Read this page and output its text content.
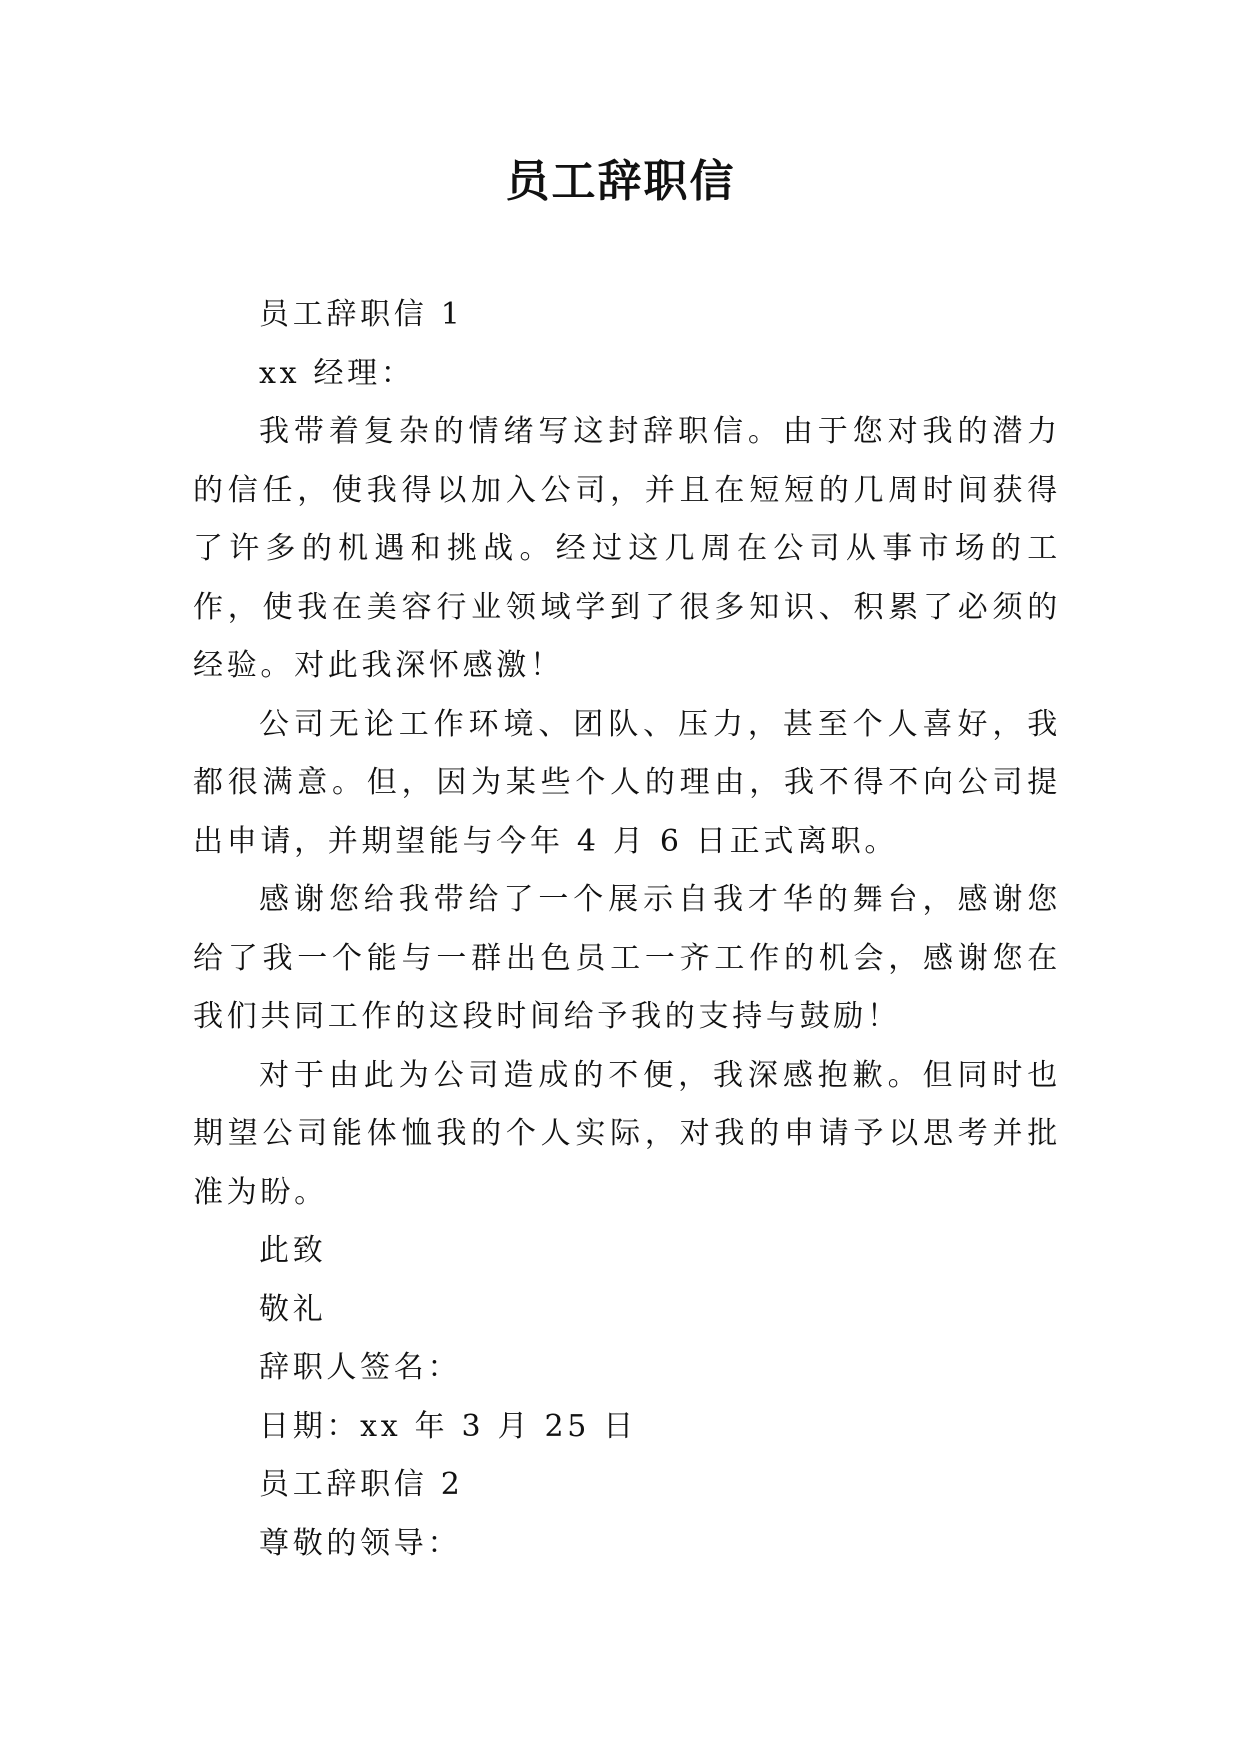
员工辞职信

员工辞职信 1

xx 经理：

我带着复杂的情绪写这封辞职信。由于您对我的潜力的信任，使我得以加入公司，并且在短短的几周时间获得了许多的机遇和挑战。经过这几周在公司从事市场的工作，使我在美容行业领域学到了很多知识、积累了必须的经验。对此我深怀感激！

公司无论工作环境、团队、压力，甚至个人喜好，我都很满意。但，因为某些个人的理由，我不得不向公司提出申请，并期望能与今年 4 月 6 日正式离职。

感谢您给我带给了一个展示自我才华的舞台，感谢您给了我一个能与一群出色员工一齐工作的机会，感谢您在我们共同工作的这段时间给予我的支持与鼓励！

对于由此为公司造成的不便，我深感抱歉。但同时也期望公司能体恤我的个人实际，对我的申请予以思考并批准为盼。

此致

敬礼

辞职人签名：

日期：xx 年 3 月 25 日

员工辞职信 2

尊敬的领导：
